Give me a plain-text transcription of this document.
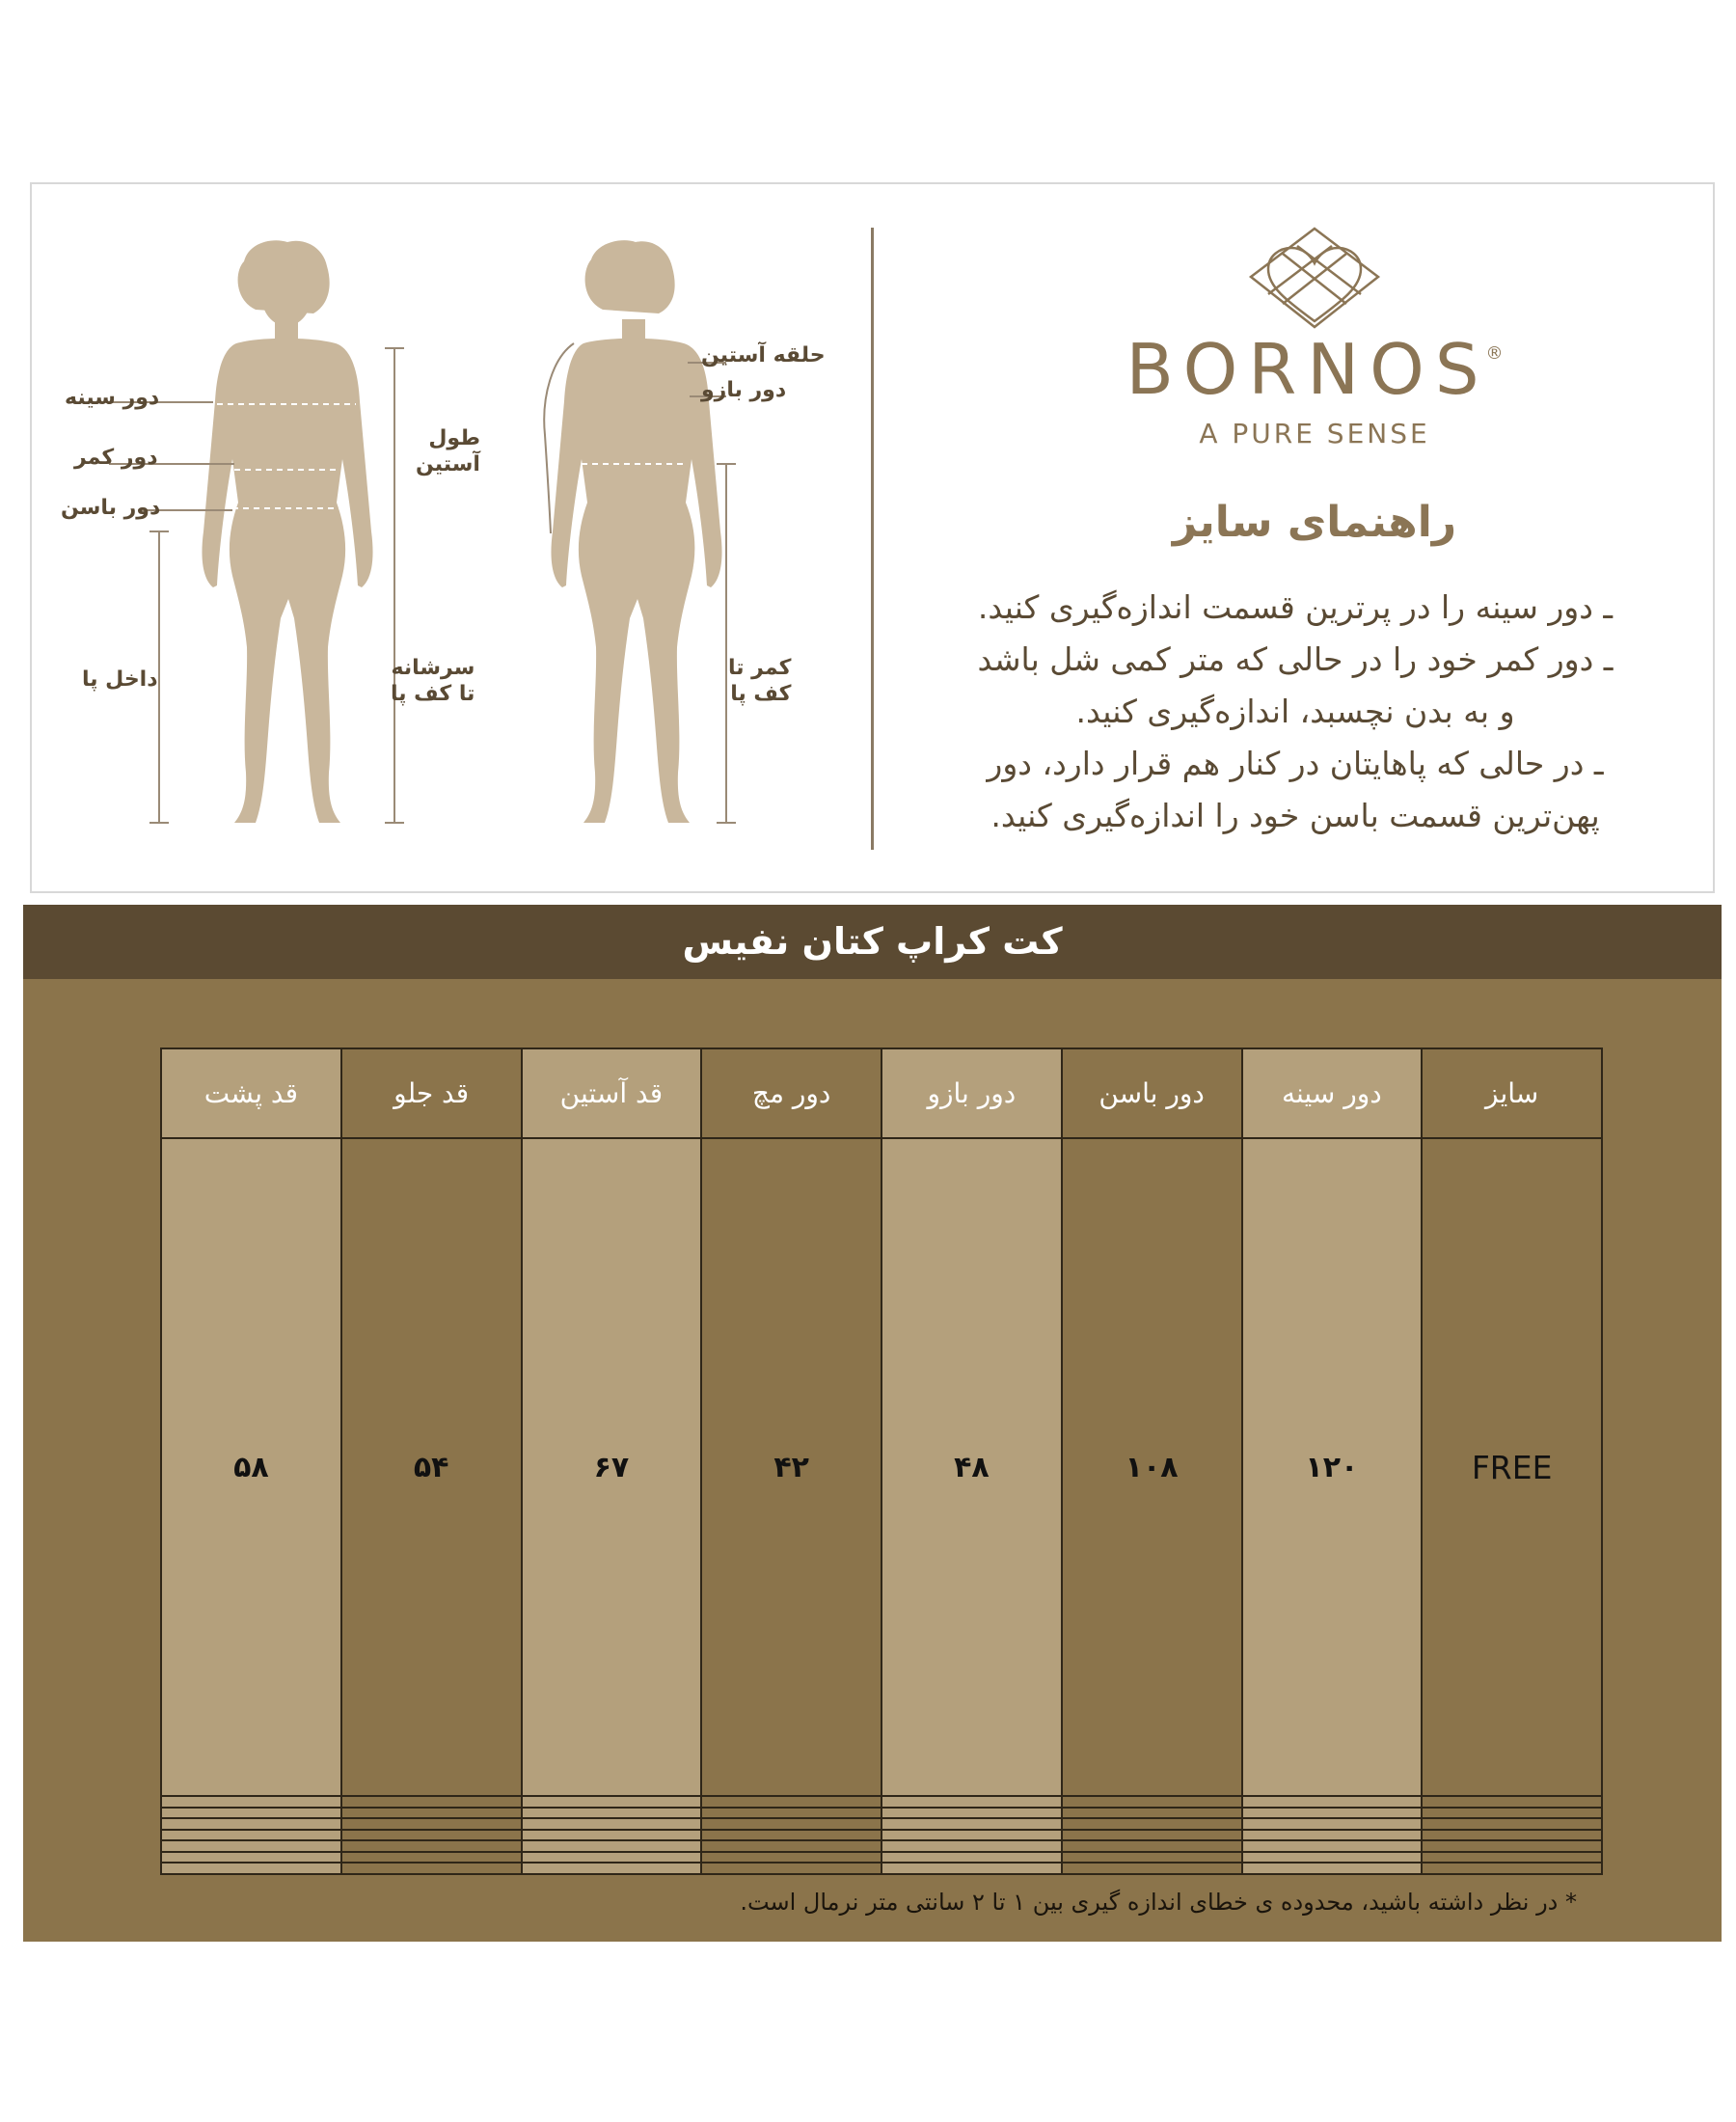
دور سینه
دور کمر
دور باسن
داخل پا	سرشانه
تا کف پا
طول
آستین
حلقه آستین
دور بازو
کمر تا
کف پا
BORNOS®
A PURE SENSE
راهنمای سایز
ـ دور سینه را در پرترین قسمت اندازه‌گیری کنید.
ـ دور کمر خود را در حالی که متر کمی شل باشد
و به بدن نچسبد، اندازه‌گیری کنید.
ـ در حالی که پاهایتان در کنار هم قرار دارد، دور
پهن‌ترین قسمت باسن خود را اندازه‌گیری کنید.
کت کراپ کتان نفیس
سایز	دور سینه	دور باسن	دور بازو	دور مچ	قد آستین	قد جلو	قد پشت
FREE	۱۲۰	۱۰۸	۴۸	۴۲	۶۷	۵۴	۵۸

* در نظر داشته باشید، محدوده ی خطای اندازه گیری بین ۱ تا ۲ سانتی متر نرمال است.
